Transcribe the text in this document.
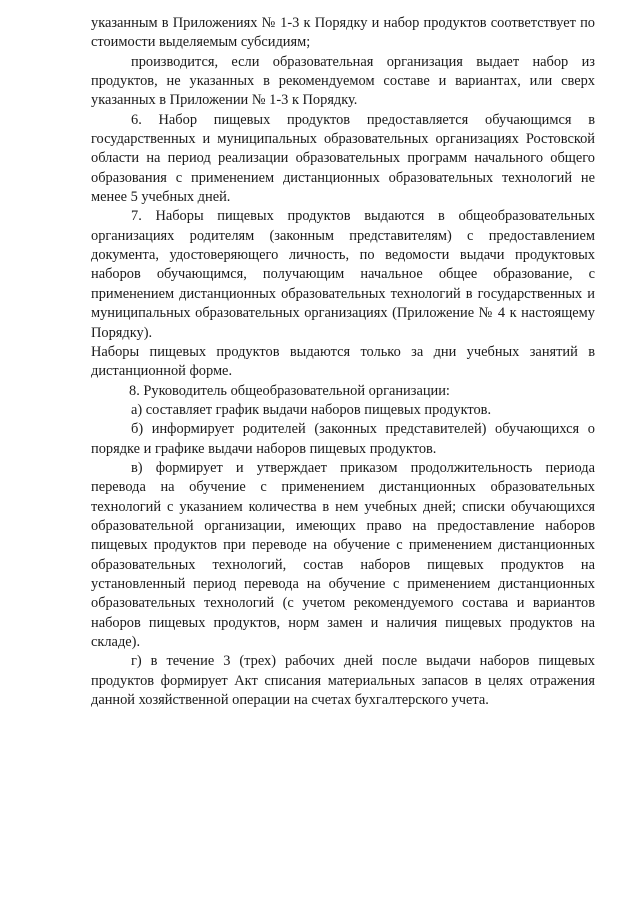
указанным в Приложениях № 1-3 к Порядку и набор продуктов соответствует по стоимости выделяемым субсидиям;

производится, если образовательная организация выдает набор из продуктов, не указанных в рекомендуемом составе и вариантах, или сверх указанных в Приложении № 1-3 к Порядку.

6. Набор пищевых продуктов предоставляется обучающимся в государственных и муниципальных образовательных организациях Ростовской области на период реализации образовательных программ начального общего образования с применением дистанционных образовательных технологий не менее 5 учебных дней.

7. Наборы пищевых продуктов выдаются в общеобразовательных организациях родителям (законным представителям) с предоставлением документа, удостоверяющего личность, по ведомости выдачи продуктовых наборов обучающимся, получающим начальное общее образование, с применением дистанционных образовательных технологий в государственных и муниципальных образовательных организациях (Приложение № 4 к настоящему Порядку).

Наборы пищевых продуктов выдаются только за дни учебных занятий в дистанционной форме.

8. Руководитель общеобразовательной организации:

а) составляет график выдачи наборов пищевых продуктов.

б) информирует родителей (законных представителей) обучающихся о порядке и графике выдачи наборов пищевых продуктов.

в) формирует и утверждает приказом продолжительность периода перевода на обучение с применением дистанционных образовательных технологий с указанием количества в нем учебных дней; списки обучающихся образовательной организации, имеющих право на предоставление наборов пищевых продуктов при переводе на обучение с применением дистанционных образовательных технологий, состав наборов пищевых продуктов на установленный период перевода на обучение с применением дистанционных образовательных технологий (с учетом рекомендуемого состава и вариантов наборов пищевых продуктов, норм замен и наличия пищевых продуктов на складе).

г) в течение 3 (трех) рабочих дней после выдачи наборов пищевых продуктов формирует Акт списания материальных запасов в целях отражения данной хозяйственной операции на счетах бухгалтерского учета.
